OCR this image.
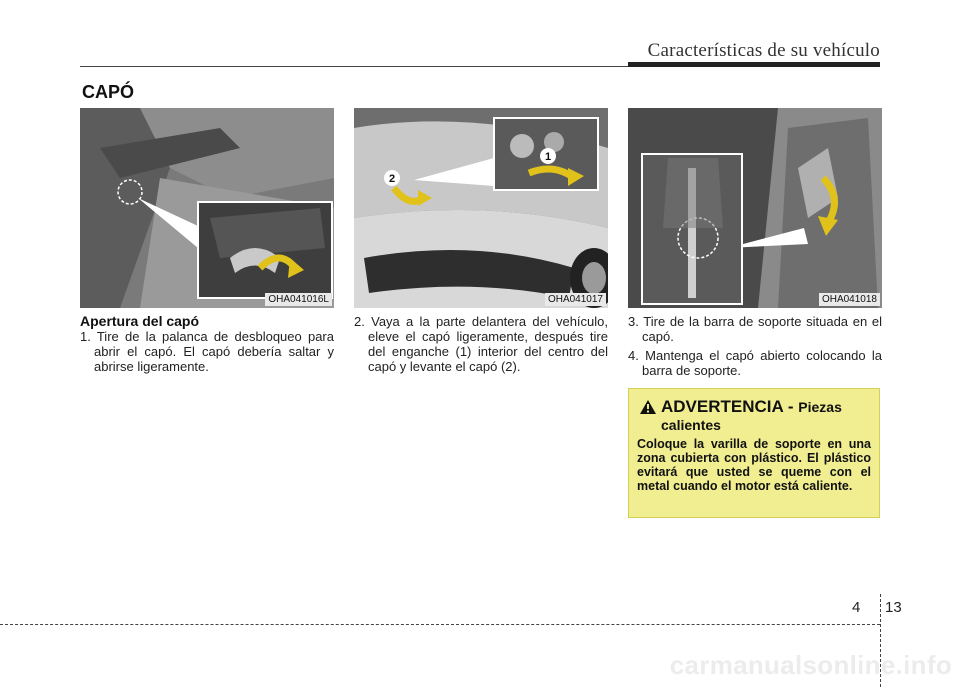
Características de su vehículo
CAPÓ
OHA041016L
1
2
OHA041017	OHA041018
Apertura del capó

1. Tire de la palanca de desbloqueo para abrir el capó. El capó debería saltar y abrirse ligeramente.

2. Vaya a la parte delantera del vehículo, eleve el capó ligeramente, después tire del enganche (1) interior del centro del capó y levante el capó (2).

3. Tire de la barra de soporte situada en el capó.

4. Mantenga el capó abierto colocando la barra de soporte.

ADVERTENCIA - Piezas
calientes
Coloque la varilla de soporte en una zona cubierta con plástico. El plástico evitará que usted se queme con el metal cuando el motor está caliente.
4 13
carmanualsonline.info
